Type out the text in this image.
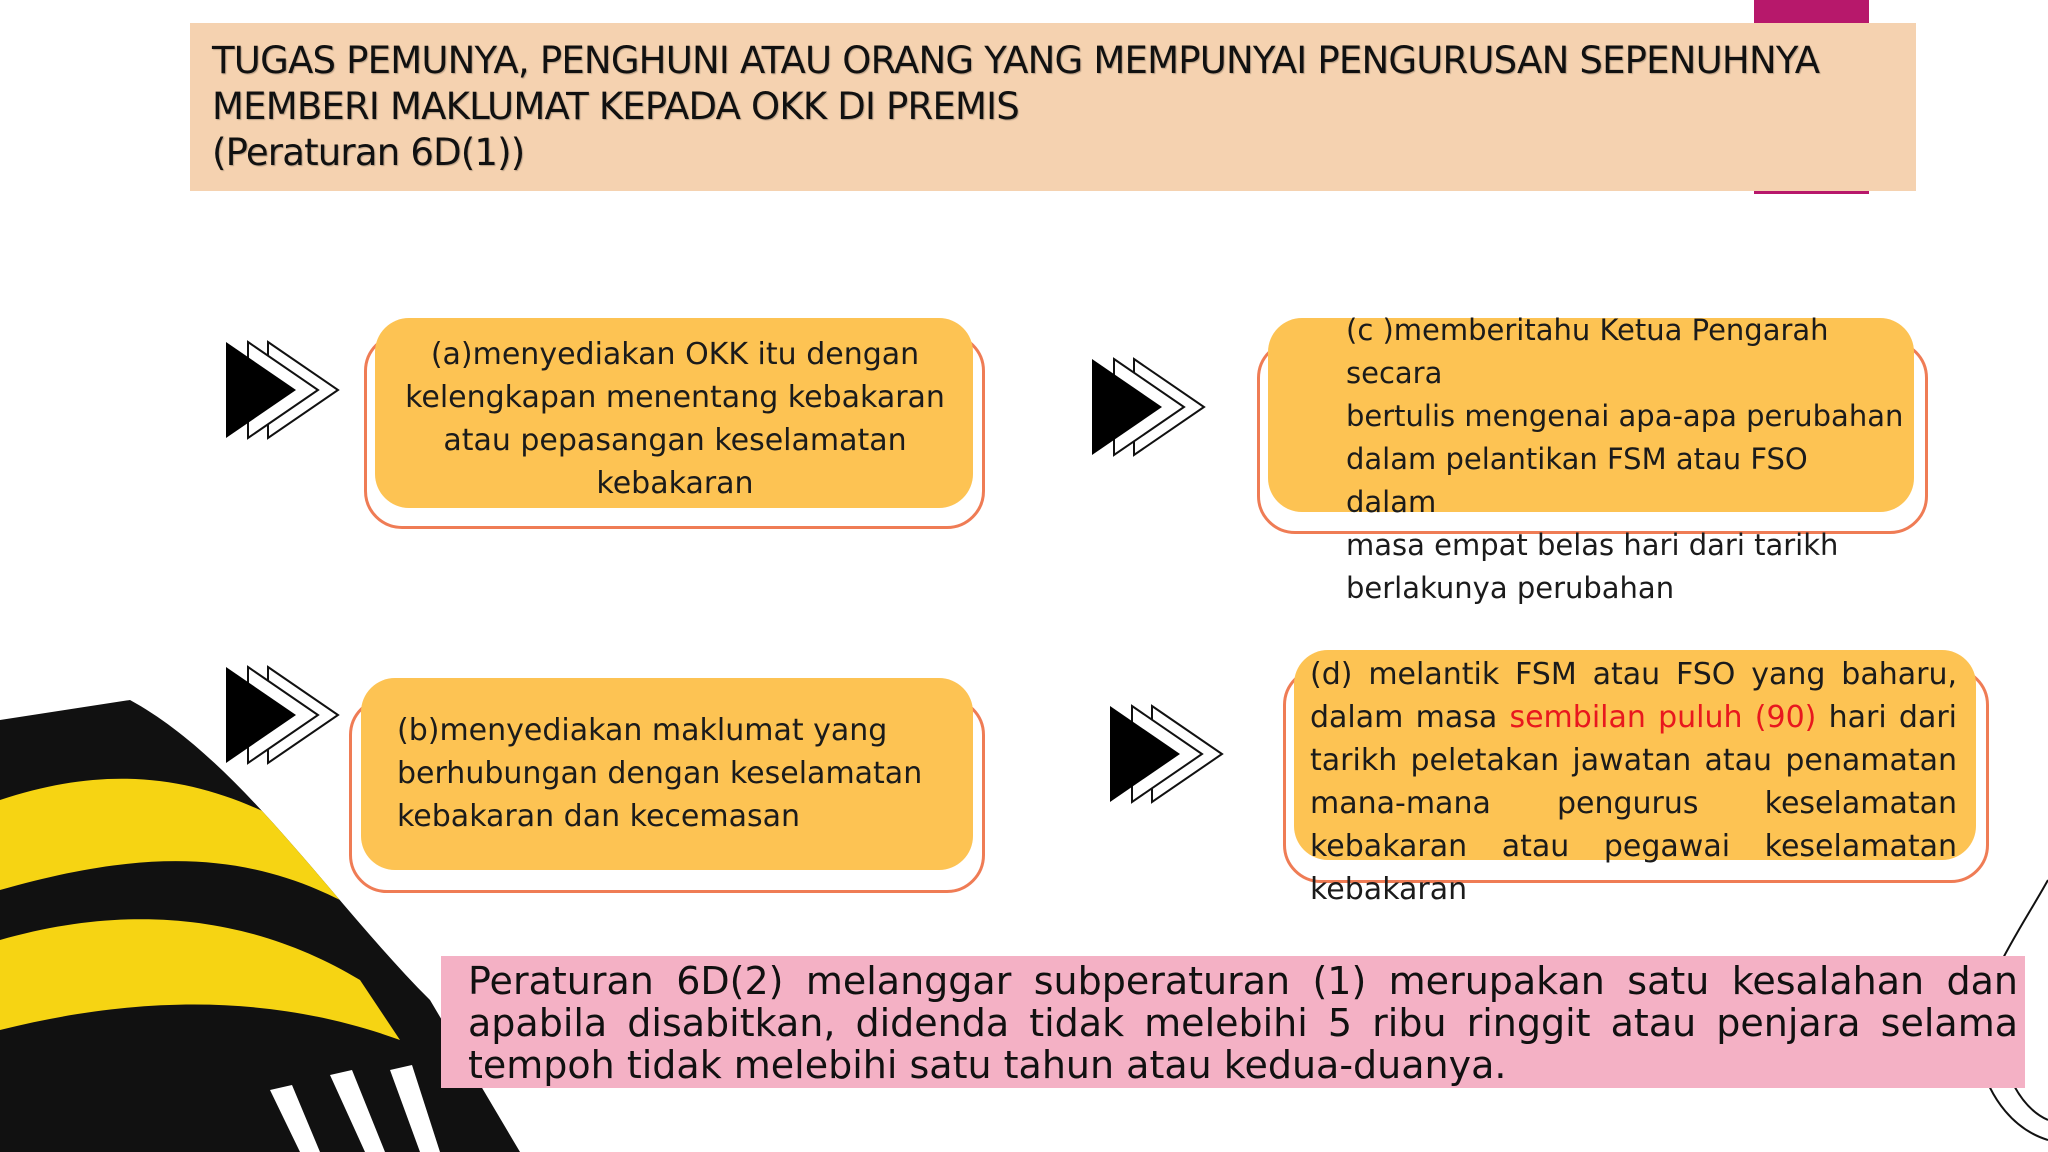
TUGAS PEMUNYA, PENGHUNI ATAU ORANG YANG MEMPUNYAI PENGURUSAN SEPENUHNYA
MEMBERI MAKLUMAT KEPADA OKK DI PREMIS
(Peraturan 6D(1))
(a)menyediakan OKK itu dengan
kelengkapan menentang kebakaran
atau pepasangan keselamatan
kebakaran
(c )memberitahu Ketua Pengarah secara
bertulis mengenai apa-apa perubahan
dalam pelantikan FSM atau FSO dalam
masa empat belas hari dari tarikh
berlakunya perubahan
(b)menyediakan maklumat yang
berhubungan dengan keselamatan
kebakaran dan kecemasan
(d) melantik FSM atau FSO yang baharu, dalam masa sembilan puluh (90) hari dari tarikh peletakan jawatan atau penamatan mana-mana pengurus keselamatan kebakaran atau pegawai keselamatan kebakaran
Peraturan 6D(2) melanggar subperaturan (1) merupakan satu kesalahan dan apabila disabitkan, didenda tidak melebihi 5 ribu ringgit atau penjara selama tempoh tidak melebihi satu tahun atau kedua-duanya.
